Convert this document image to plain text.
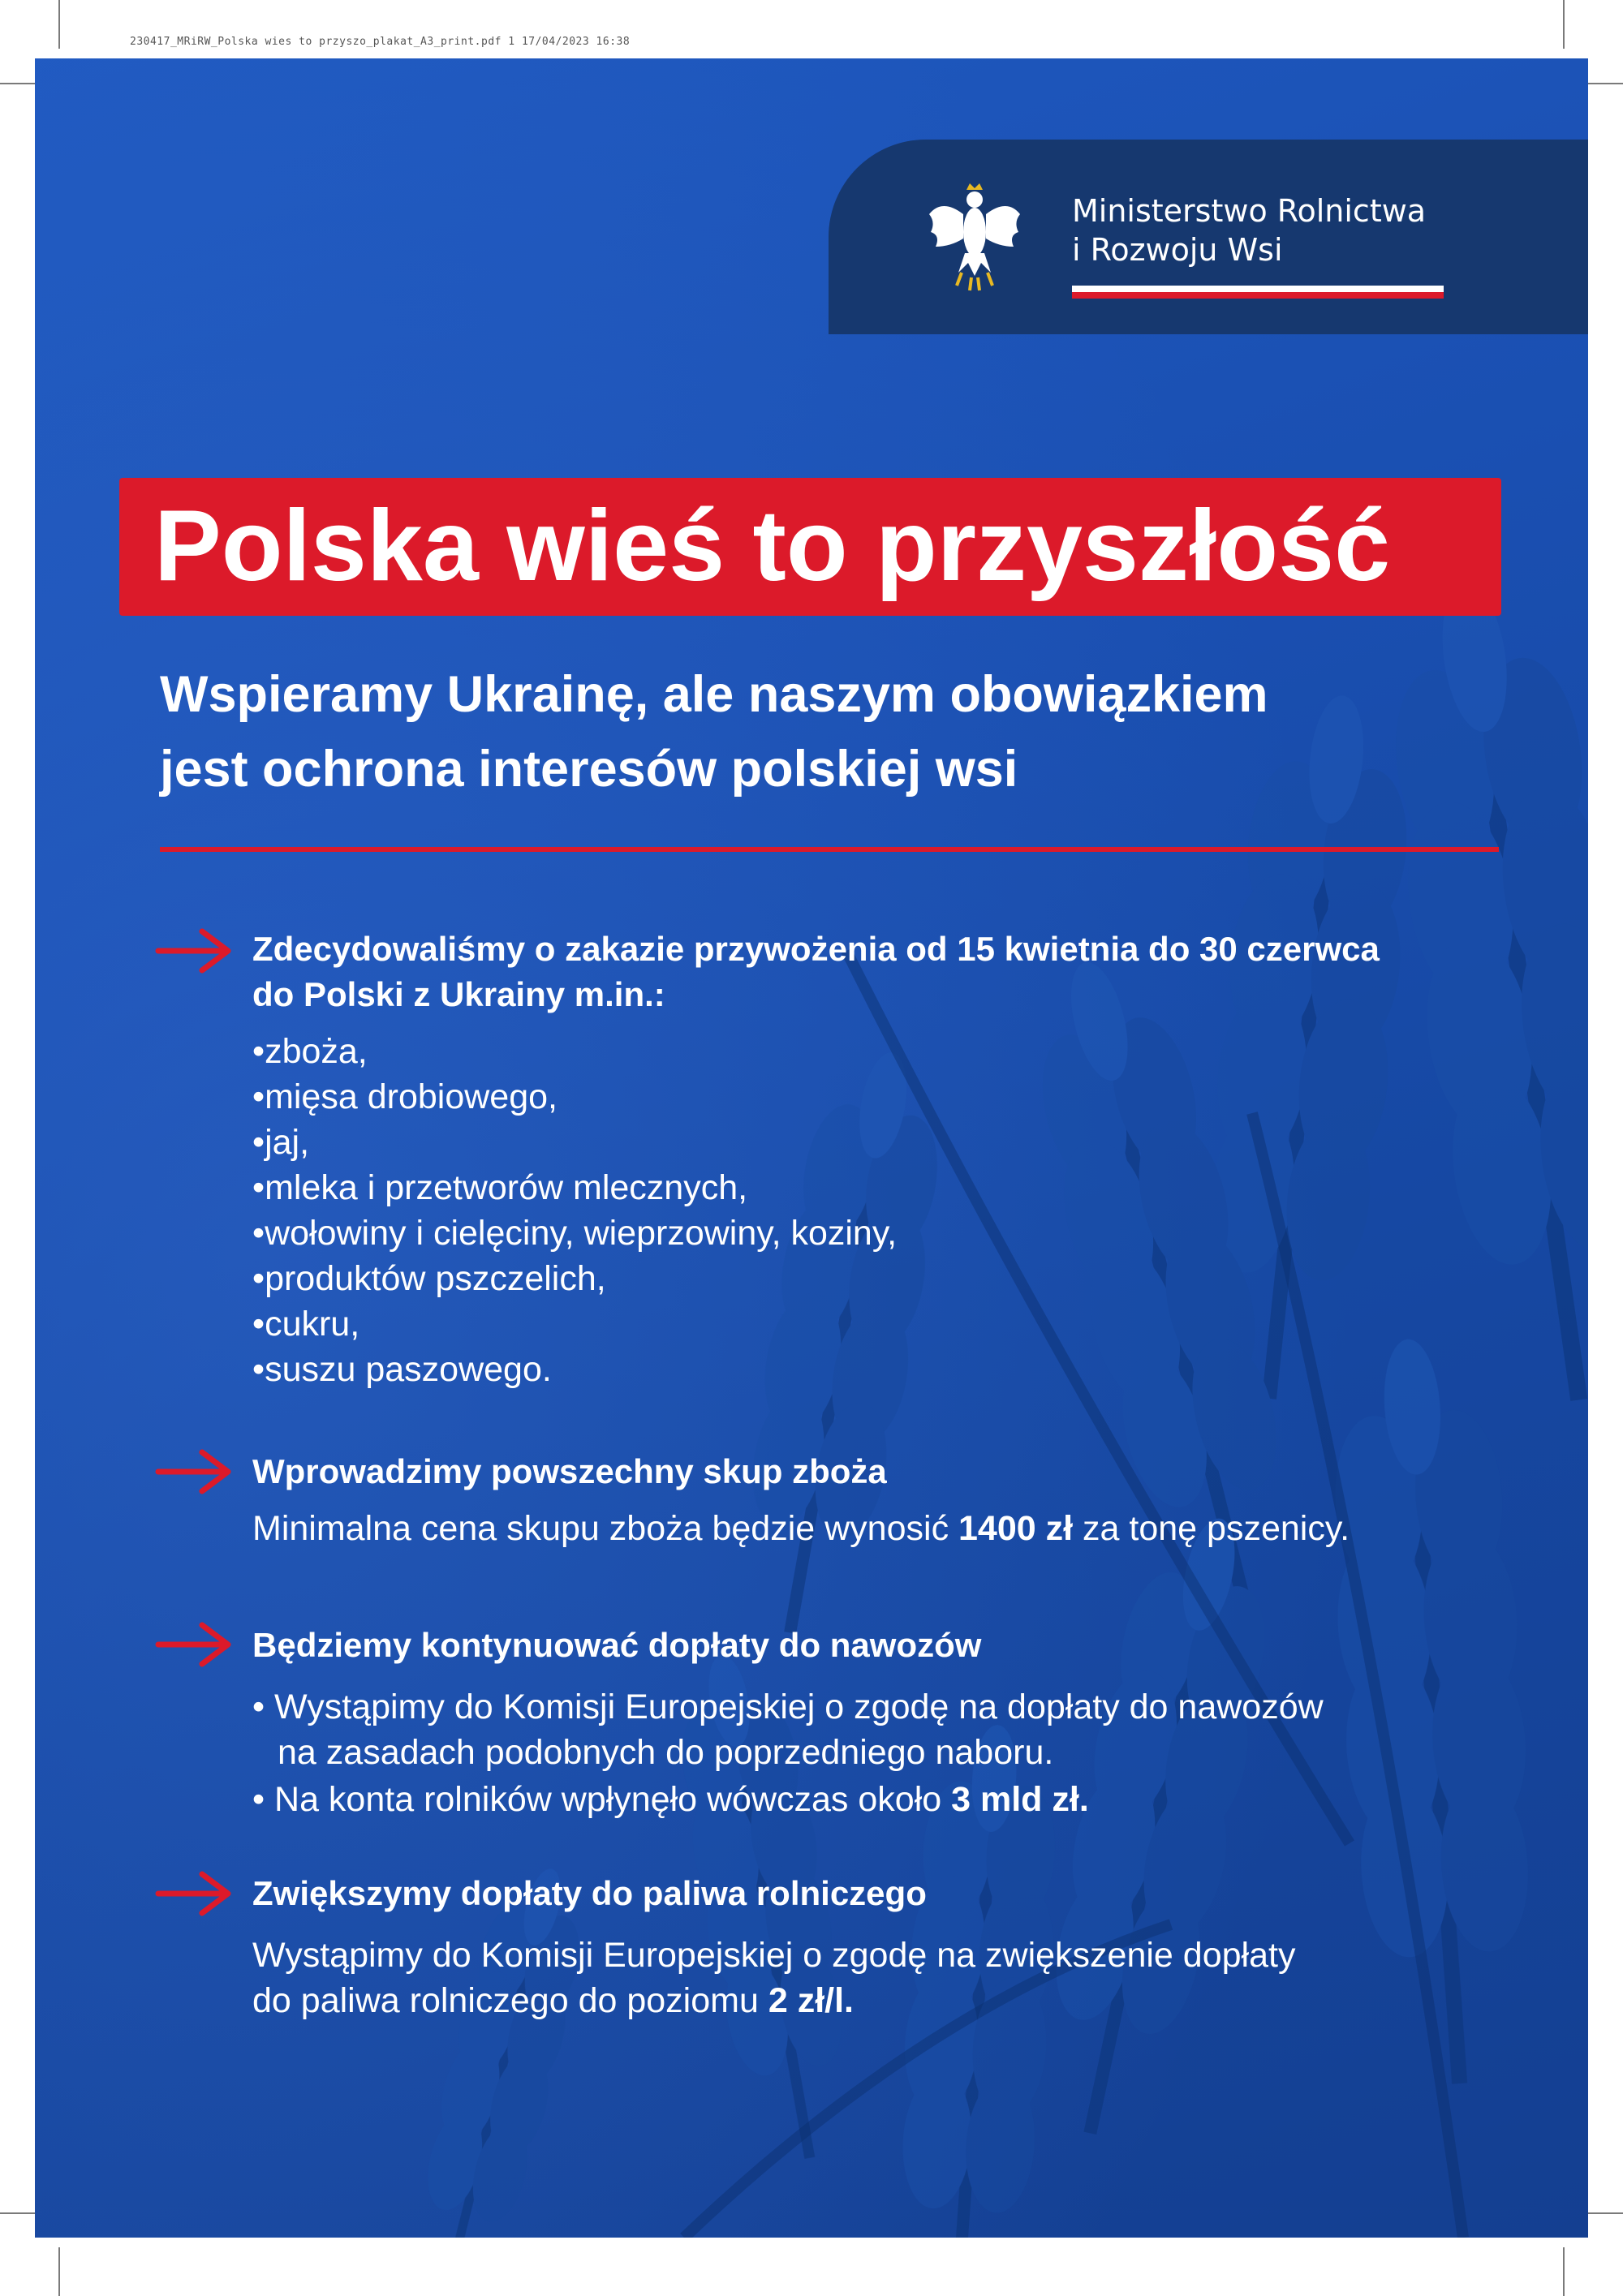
230417_MRiRW_Polska wies to przyszo_plakat_A3_print.pdf 1 17/04/2023 16:38
Ministerstwo Rolnictwa
i Rozwoju Wsi
Polska wieś to przyszłość
Wspieramy Ukrainę, ale naszym obowiązkiem
jest ochrona interesów polskiej wsi
Zdecydowaliśmy o zakazie przywożenia od 15 kwietnia do 30 czerwca
do Polski z Ukrainy m.in.:
• zboża,
• mięsa drobiowego,
• jaj,
• mleka i przetworów mlecznych,
• wołowiny i cielęciny, wieprzowiny, koziny,
• produktów pszczelich,
• cukru,
• suszu paszowego.
Wprowadzimy powszechny skup zboża
Minimalna cena skupu zboża będzie wynosić 1400 zł za tonę pszenicy.
Będziemy kontynuować dopłaty do nawozów
• Wystąpimy do Komisji Europejskiej o zgodę na dopłaty do nawozów
na zasadach podobnych do poprzedniego naboru.
• Na konta rolników wpłynęło wówczas około 3 mld zł.
Zwiększymy dopłaty do paliwa rolniczego
Wystąpimy do Komisji Europejskiej o zgodę na zwiększenie dopłaty
do paliwa rolniczego do poziomu 2 zł/l.
